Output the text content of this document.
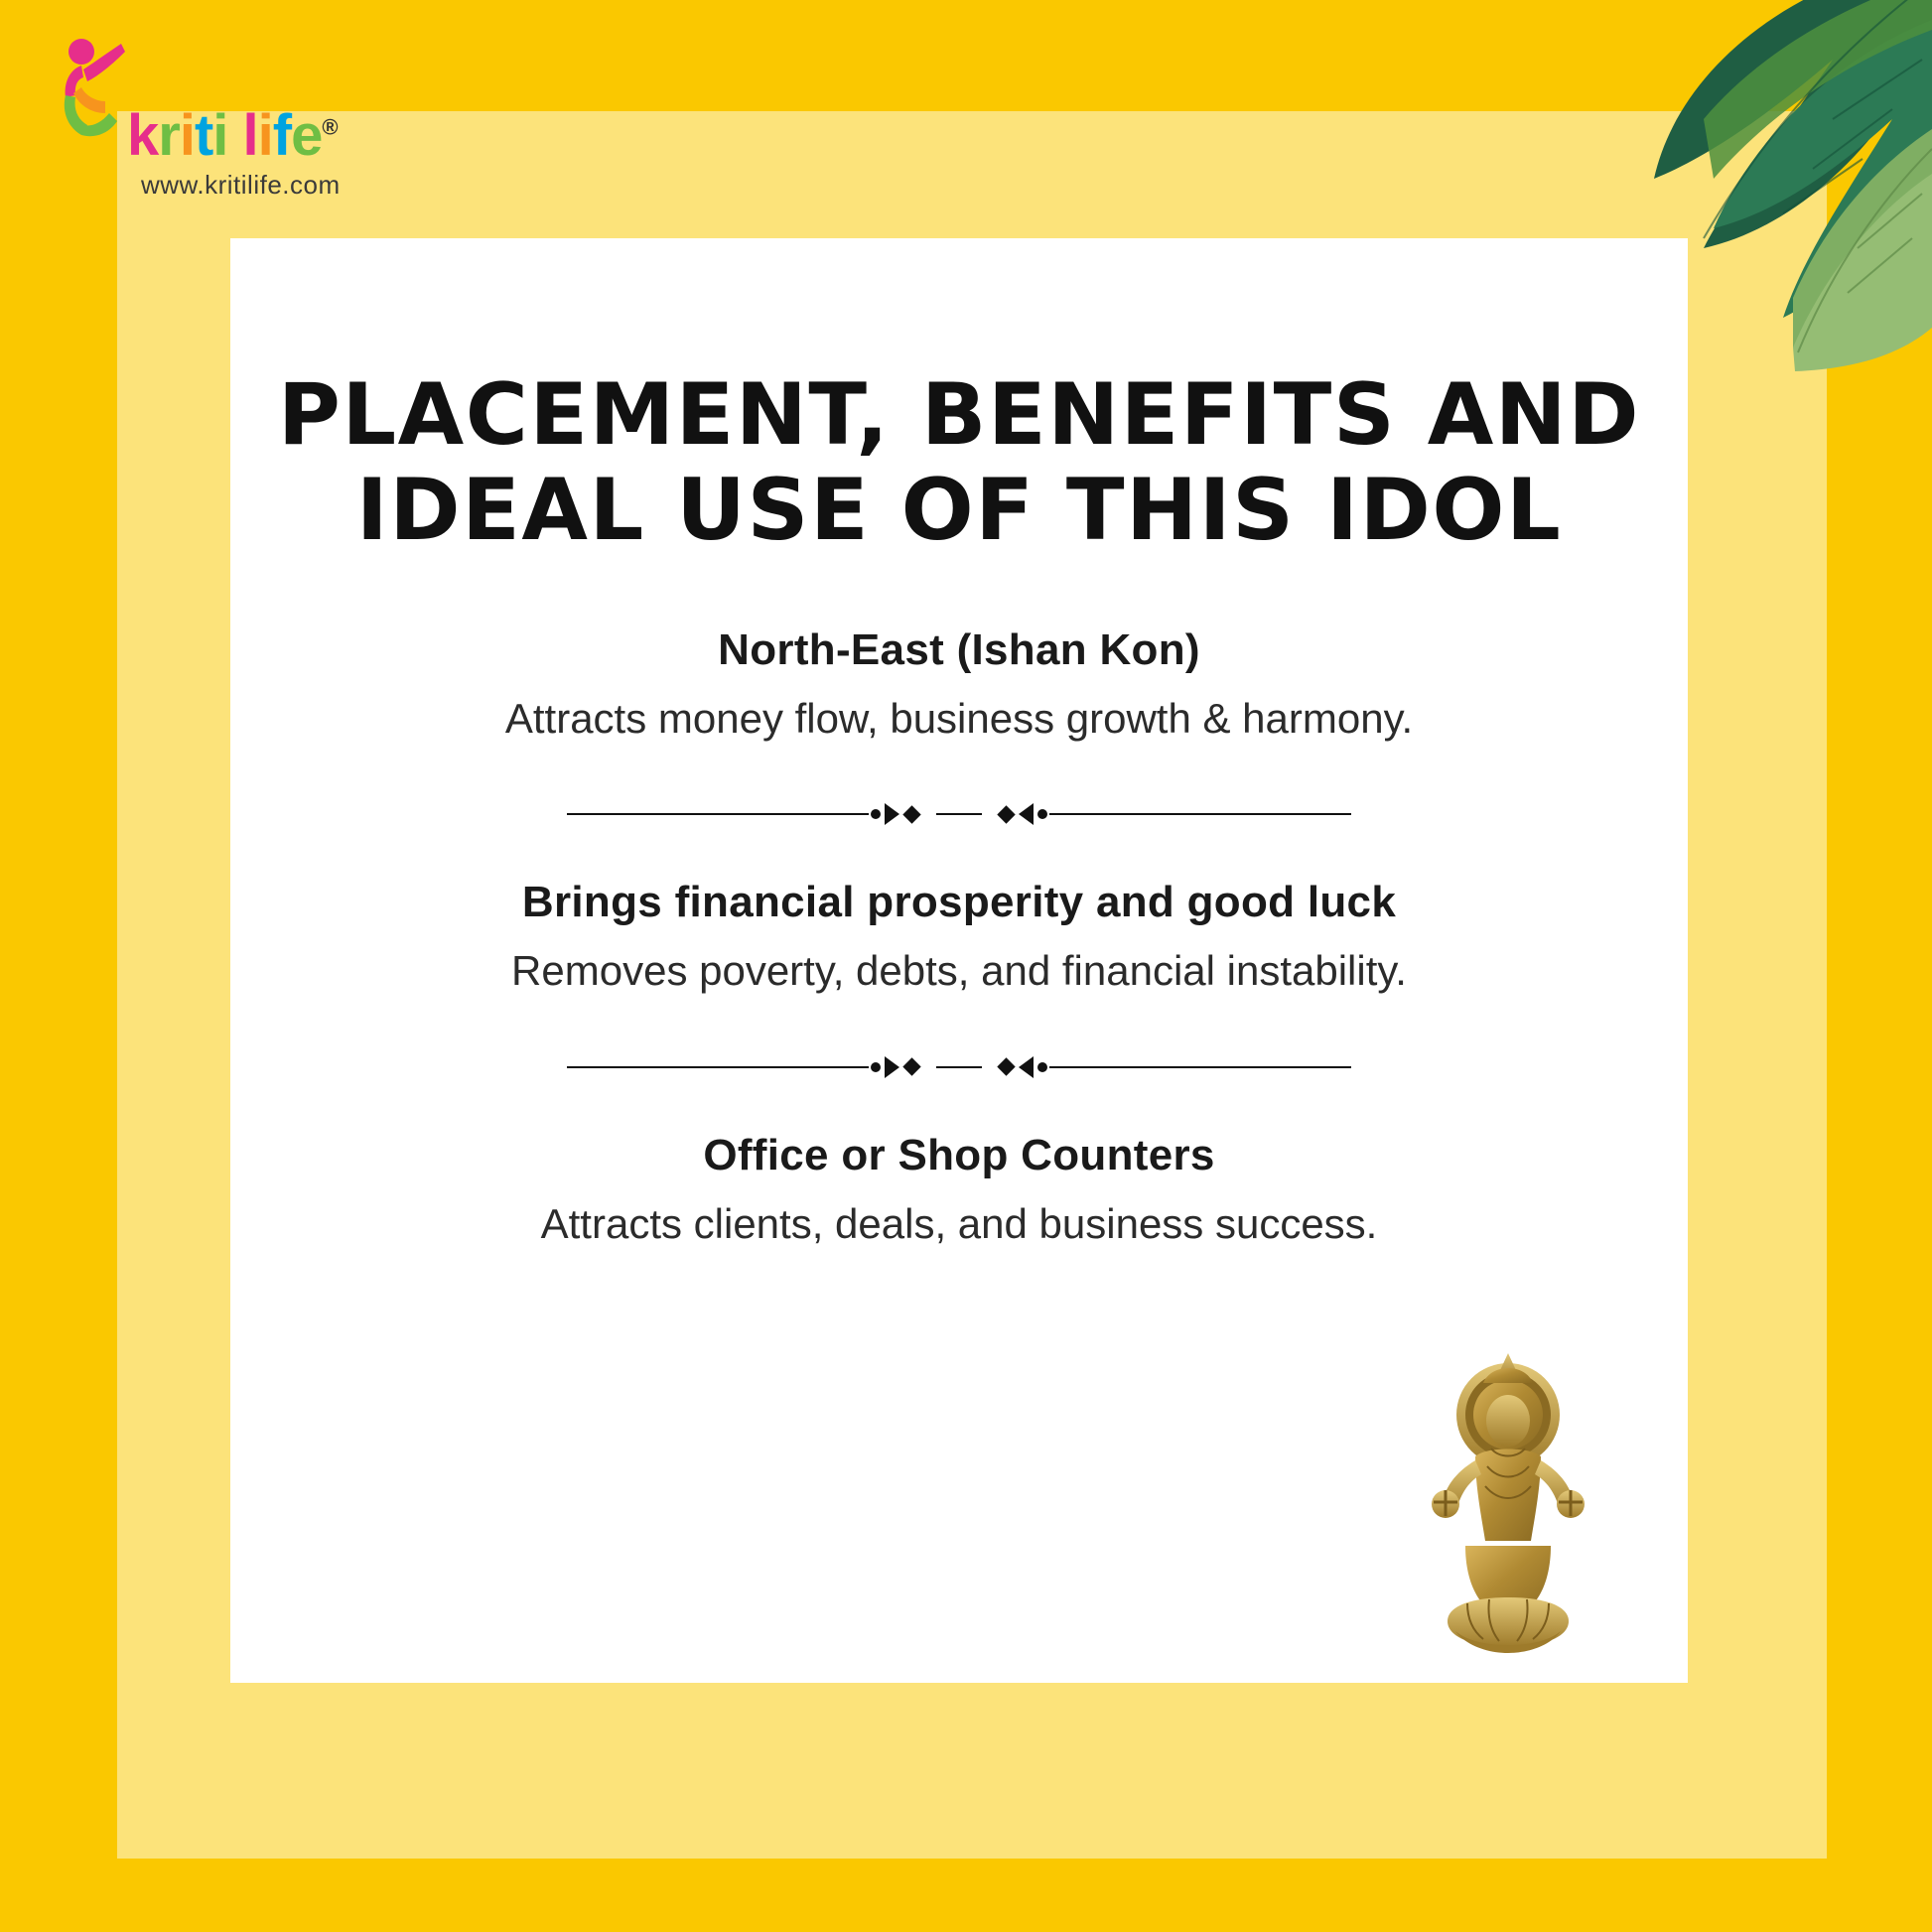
kriti life®
www.kritilife.com
PLACEMENT, BENEFITS AND
IDEAL USE OF THIS IDOL
North-East (Ishan Kon)
Attracts money flow, business growth & harmony.
Brings financial prosperity and good luck
Removes poverty, debts, and financial instability.
Office or Shop Counters
Attracts clients, deals, and business success.
